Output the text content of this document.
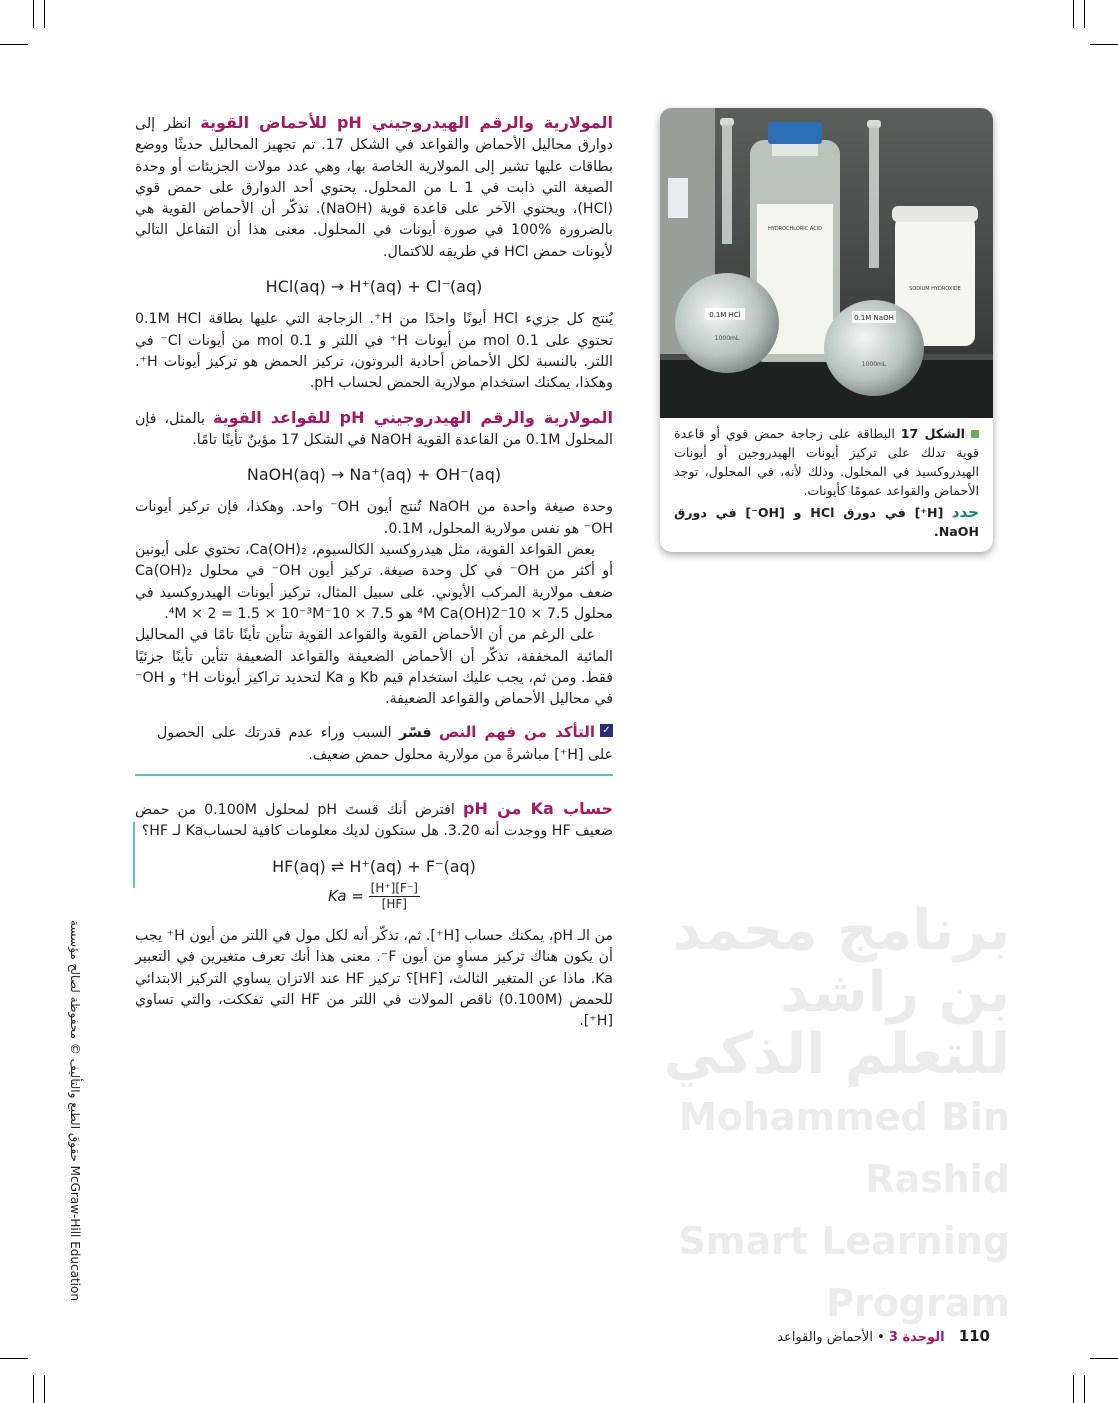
برنامج محمد بن راشد
للتعلم الذكي
Mohammed Bin Rashid
Smart Learning Program

المولارية والرقم الهيدروجيني pH للأحماض القوية انظر إلى دوارق محاليل الأحماض والقواعد في الشكل 17. تم تجهيز المحاليل حديثًا ووضع بطاقات عليها تشير إلى المولارية الخاصة بها، وهي عدد مولات الجزيئات أو وحدة الصيغة التي ذابت في 1 L من المحلول. يحتوي أحد الدوارق على حمض قوي (HCl)، ويحتوي الآخر على قاعدة قوية (NaOH). تذكّر أن الأحماض القوية هي بالضرورة %100 في صورة أيونات في المحلول. معنى هذا أن التفاعل التالي لأيونات حمض HCl في طريقه للاكتمال.

HCl(aq) → H⁺(aq) + Cl⁻(aq)

يُنتج كل جزيء HCl أيونًا واحدًا من H⁺. الزجاجة التي عليها بطاقة 0.1M HCl تحتوي على 0.1 mol من أيونات H⁺ في اللتر و 0.1 mol من أيونات Cl⁻ في اللتر. بالنسبة لكل الأحماض أحادية البروتون، تركيز الحمض هو تركيز أيونات H⁺. وهكذا، يمكنك استخدام مولارية الحمض لحساب pH.

المولارية والرقم الهيدروجيني pH للقواعد القوية بالمثل، فإن المحلول 0.1M من القاعدة القوية NaOH في الشكل 17 مؤينٌ تأينًا تامًا.

NaOH(aq) → Na⁺(aq) + OH⁻(aq)

وحدة صيغة واحدة من NaOH تُنتج أيون OH⁻ واحد. وهكذا، فإن تركيز أيونات OH⁻ هو نفس مولارية المحلول، 0.1M.

بعض القواعد القوية، مثل هيدروكسيد الكالسيوم، Ca(OH)₂، تحتوي على أيونين أو أكثر من OH⁻ في كل وحدة صيغة. تركيز أيون OH⁻ في محلول Ca(OH)₂ ضعف مولارية المركب الأيوني. على سبيل المثال، تركيز أيونات الهيدروكسيد في محلول 7.5 × 10⁻⁴M Ca(OH)2 هو 7.5 × 10⁻⁴M × 2 = 1.5 × 10⁻³M.

على الرغم من أن الأحماض القوية والقواعد القوية تتأين تأينًا تامًا في المحاليل المائية المخففة، تذكّر أن الأحماض الضعيفة والقواعد الضعيفة تتأين تأينًا جزئيًا فقط. ومن ثم، يجب عليك استخدام قيم Kb و Ka لتحديد تراكيز أيونات H⁺ و OH⁻ في محاليل الأحماض والقواعد الضعيفة.

✓
التأكد من فهم النص فسّر السبب وراء عدم قدرتك على الحصول على [H⁺] مباشرةً من مولارية محلول حمض ضعيف.

حساب Ka من pH افترض أنك قستَ pH لمحلول 0.100M من حمض ضعيف HF ووجدت أنه 3.20. هل ستكون لديك معلومات كافية لحسابKa لـ HF؟

HF(aq) ⇌ H⁺(aq) + F⁻(aq)
$Ka = \frac{[H^+][F^-]}{[HF]}$

من الـ pH، يمكنك حساب [H⁺]. ثم، تذكّر أنه لكل مول في اللتر من أيون H⁺ يجب أن يكون هناك تركيز مساوٍ من أيون F⁻. معنى هذا أنك تعرف متغيرين في التعبير Ka. ماذا عن المتغير الثالث، [HF]؟ تركيز HF عند الاتزان يساوي التركيز الابتدائي للحمض (0.100M) ناقص المولات في اللتر من HF التي تفككت، والتي تساوي [H⁺].

HYDROCHLORIC ACID
SODIUM HYDROXIDE
0.1M HCl
1000mL
0.1M NaOH
1000mL
الشكل 17 البطاقة على زجاجة حمض قوي أو قاعدة قوية تدلك على تركيز أيونات الهيدروجين أو أيونات الهيدروكسيد في المحلول. وذلك لأنه، في المحلول، توجد الأحماض والقواعد عمومًا كأيونات.
حدد [H⁺] في دورق HCl و [OH⁻] في دورق NaOH.
حقوق الطبع والتأليف © محفوظة لصالح مؤسسة McGraw-Hill Education
110 الوحدة 3 • الأحماض والقواعد
